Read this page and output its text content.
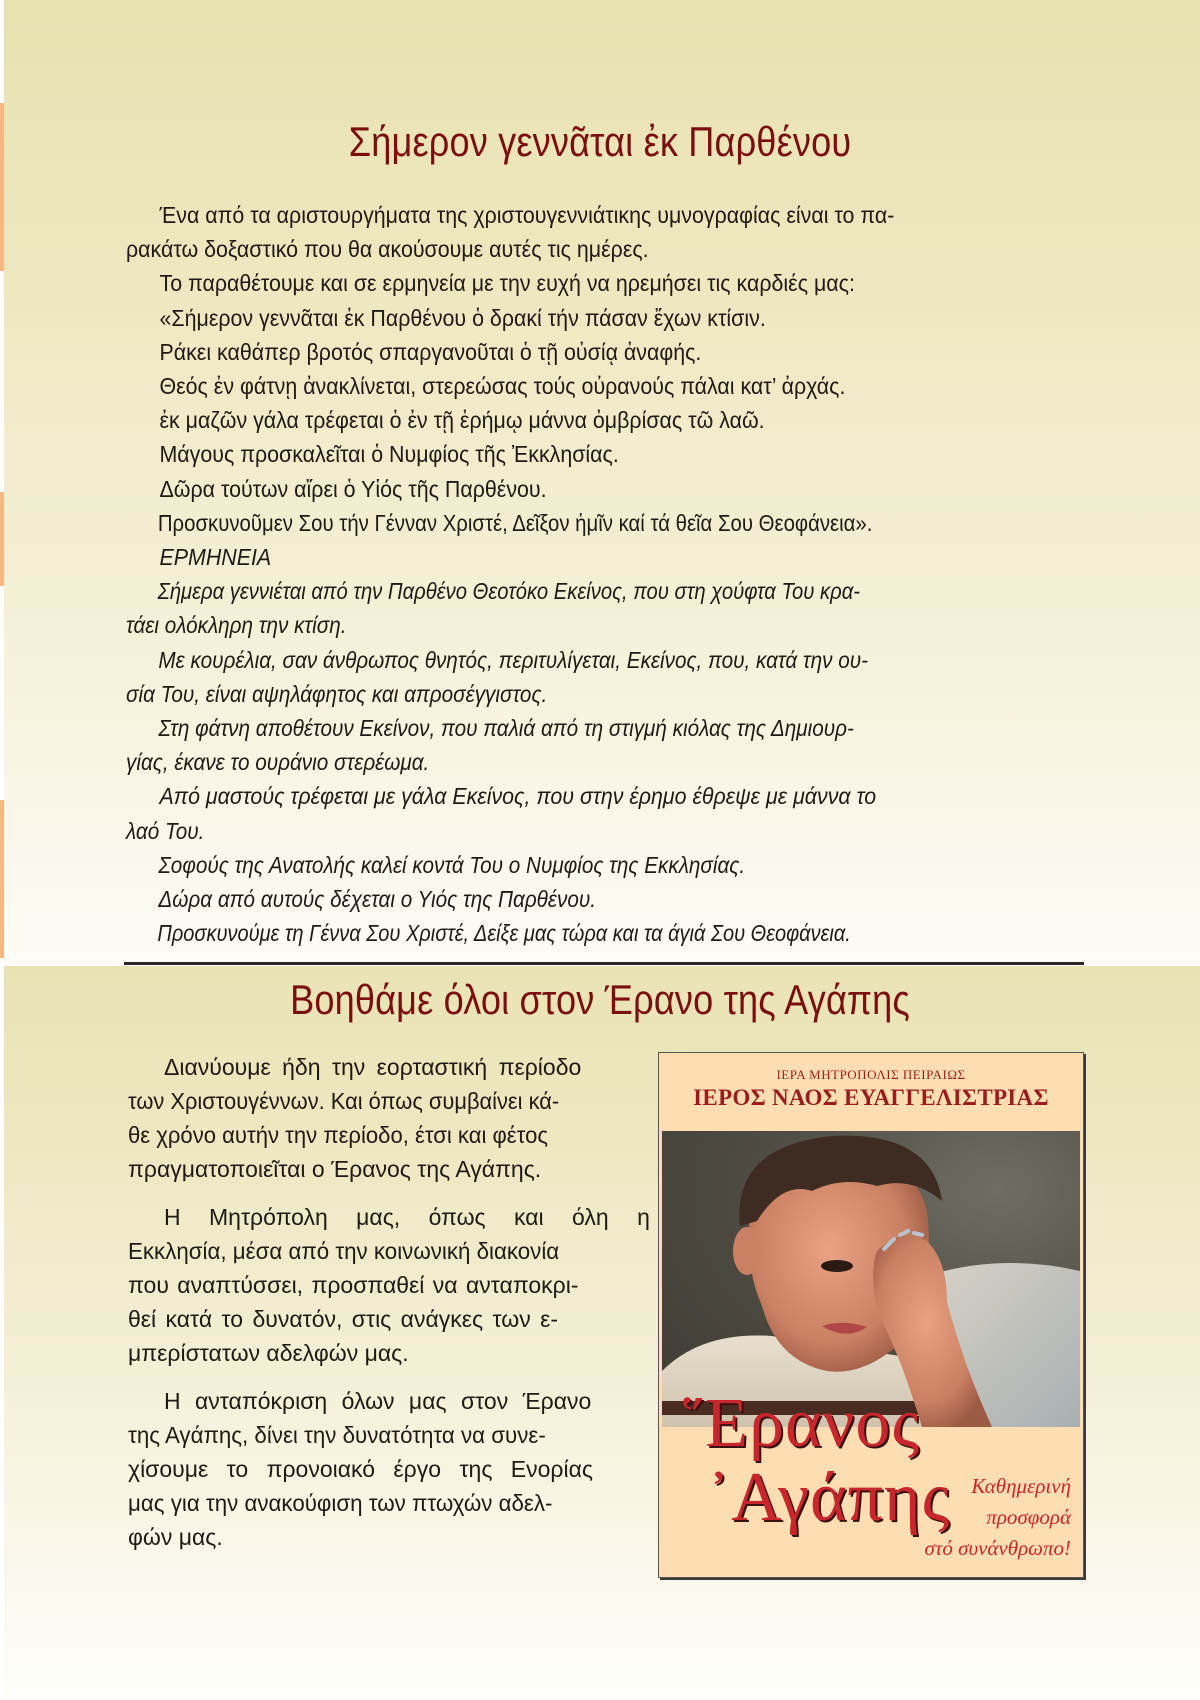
Σήμερον γεννᾶται ἐκ Παρθένου
Ένα από τα αριστουργήματα της χριστουγεννιάτικης υμνογραφίας είναι το πα-
ρακάτω δοξαστικό που θα ακούσουμε αυτές τις ημέρες.
Το παραθέτουμε και σε ερμηνεία με την ευχή να ηρεμήσει τις καρδιές μας:
«Σήμερον γεννᾶται ἐκ Παρθένου ὁ δρακί τήν πάσαν ἔχων κτίσιν.
Ράκει καθάπερ βροτός σπαργανοῦται ὁ τῇ οὐσίᾳ ἀναφής.
Θεός ἐν φάτνῃ ἀνακλίνεται, στερεώσας τούς οὐρανούς πάλαι κατ’ ἀρχάς.
ἐκ μαζῶν γάλα τρέφεται ὁ ἐν τῇ ἐρήμῳ μάννα ὀμβρίσας τῶ λαῶ.
Μάγους προσκαλεῖται ὁ Νυμφίος τῆς Ἐκκλησίας.
Δῶρα τούτων αἴρει ὁ Υἱός τῆς Παρθένου.
Προσκυνοῦμεν Σου τήν Γένναν Χριστέ, Δεῖξον ἡμῖν καί τά θεῖα Σου Θεοφάνεια».
ΕΡΜΗΝΕΙΑ
Σήμερα γεννιέται από την Παρθένο Θεοτόκο Εκείνος, που στη χούφτα Του κρα-
τάει ολόκληρη την κτίση.
Με κουρέλια, σαν άνθρωπος θνητός, περιτυλίγεται, Εκείνος, που, κατά την ου-
σία Του, είναι αψηλάφητος και απροσέγγιστος.
Στη φάτνη αποθέτουν Εκείνον, που παλιά από τη στιγμή κιόλας της Δημιουρ-
γίας, έκανε το ουράνιο στερέωμα.
Από μαστούς τρέφεται με γάλα Εκείνος, που στην έρημο έθρεψε με μάννα το
λαό Του.
Σοφούς της Ανατολής καλεί κοντά Του ο Νυμφίος της Εκκλησίας.
Δώρα από αυτούς δέχεται ο Υιός της Παρθένου.
Προσκυνούμε τη Γέννα Σου Χριστέ, Δείξε μας τώρα και τα άγιά Σου Θεοφάνεια.
Βοηθάμε όλοι στον Έρανο της Αγάπης
Διανύουμε ήδη την εορταστική περίοδο
των Χριστουγέννων. Και όπως συμβαίνει κά-
θε χρόνο αυτήν την περίοδο, έτσι και φέτος
πραγματοποιεῖται ο Έρανος της Αγάπης.
Η Μητρόπολη μας, όπως και όλη η
Εκκλησία, μέσα από την κοινωνική διακονία
που αναπτύσσει, προσπαθεί να ανταποκρι-
θεί κατά το δυνατόν, στις ανάγκες των ε-
μπερίστατων αδελφών μας.
Η ανταπόκριση όλων μας στον Έρανο
της Αγάπης, δίνει την δυνατότητα να συνε-
χίσουμε το προνοιακό έργο της Ενορίας
μας για την ανακούφιση των πτωχών αδελ-
φών μας.
ΙΕΡΑ ΜΗΤΡΟΠΟΛΙΣ ΠΕΙΡΑΙΩΣ
ΙΕΡΟΣ ΝΑΟΣ ΕΥΑΓΓΕΛΙΣΤΡΙΑΣ
῞Ερανος
᾽Αγάπης	Καθημερινή
προσφορά
στό συνάνθρωπο!
